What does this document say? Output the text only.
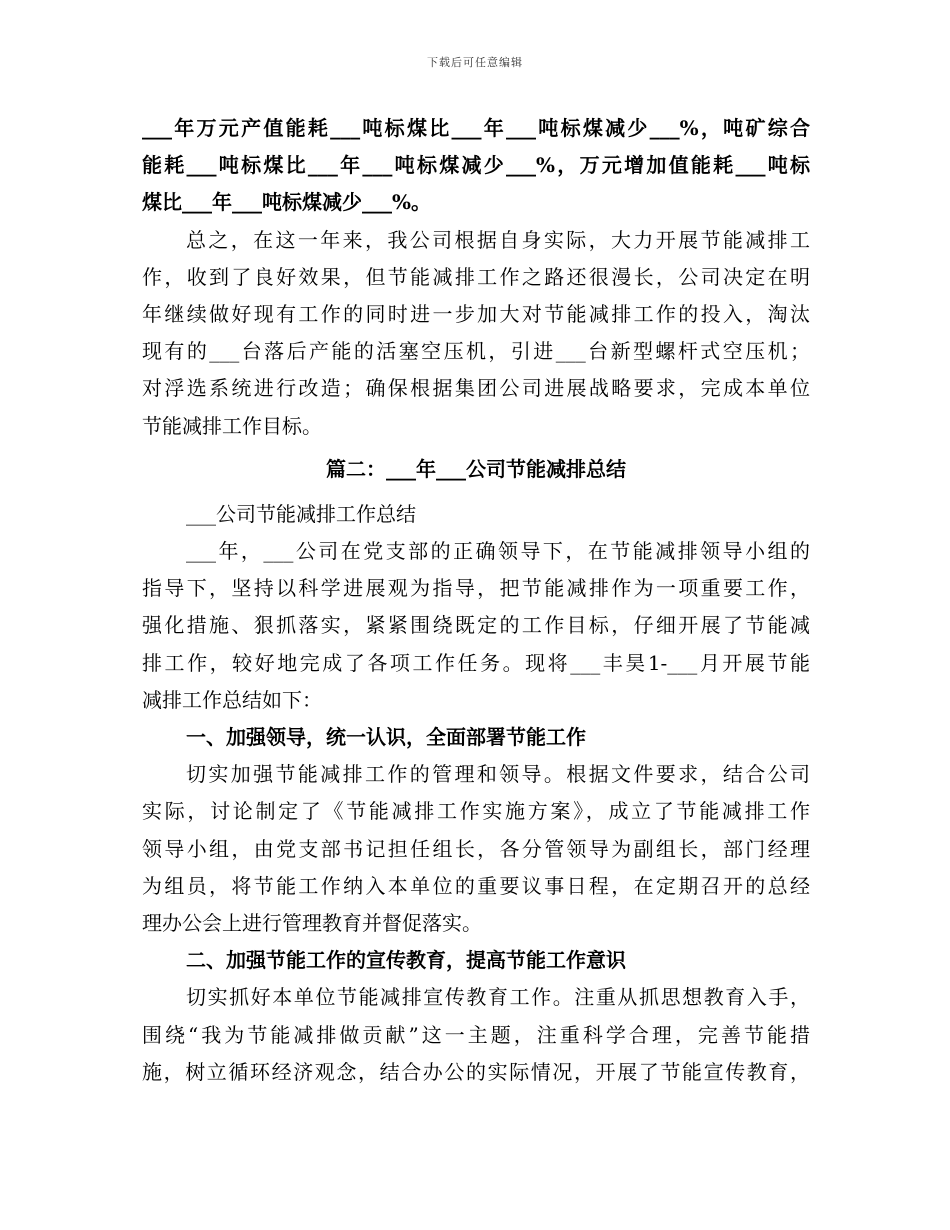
下载后可任意编辑
___年万元产值能耗___吨标煤比___年___吨标煤减少___%，吨矿综合
能耗___吨标煤比___年___吨标煤减少___%，万元增加值能耗___吨标
煤比___年___吨标煤减少___%。
总之，在这一年来，我公司根据自身实际，大力开展节能减排工
作，收到了良好效果，但节能减排工作之路还很漫长，公司决定在明
年继续做好现有工作的同时进一步加大对节能减排工作的投入，淘汰
现有的___台落后产能的活塞空压机，引进___台新型螺杆式空压机；
对浮选系统进行改造；确保根据集团公司进展战略要求，完成本单位
节能减排工作目标。
篇二：___年___公司节能减排总结
___公司节能减排工作总结
___年，___公司在党支部的正确领导下，在节能减排领导小组的
指导下，坚持以科学进展观为指导，把节能减排作为一项重要工作，
强化措施、狠抓落实，紧紧围绕既定的工作目标，仔细开展了节能减
排工作，较好地完成了各项工作任务。现将___丰昊1-___月开展节能
减排工作总结如下：
一、加强领导，统一认识，全面部署节能工作
切实加强节能减排工作的管理和领导。根据文件要求，结合公司
实际，讨论制定了《节能减排工作实施方案》，成立了节能减排工作
领导小组，由党支部书记担任组长，各分管领导为副组长，部门经理
为组员，将节能工作纳入本单位的重要议事日程，在定期召开的总经
理办公会上进行管理教育并督促落实。
二、加强节能工作的宣传教育，提高节能工作意识
切实抓好本单位节能减排宣传教育工作。注重从抓思想教育入手，
围绕“我为节能减排做贡献”这一主题，注重科学合理，完善节能措
施，树立循环经济观念，结合办公的实际情况，开展了节能宣传教育，
